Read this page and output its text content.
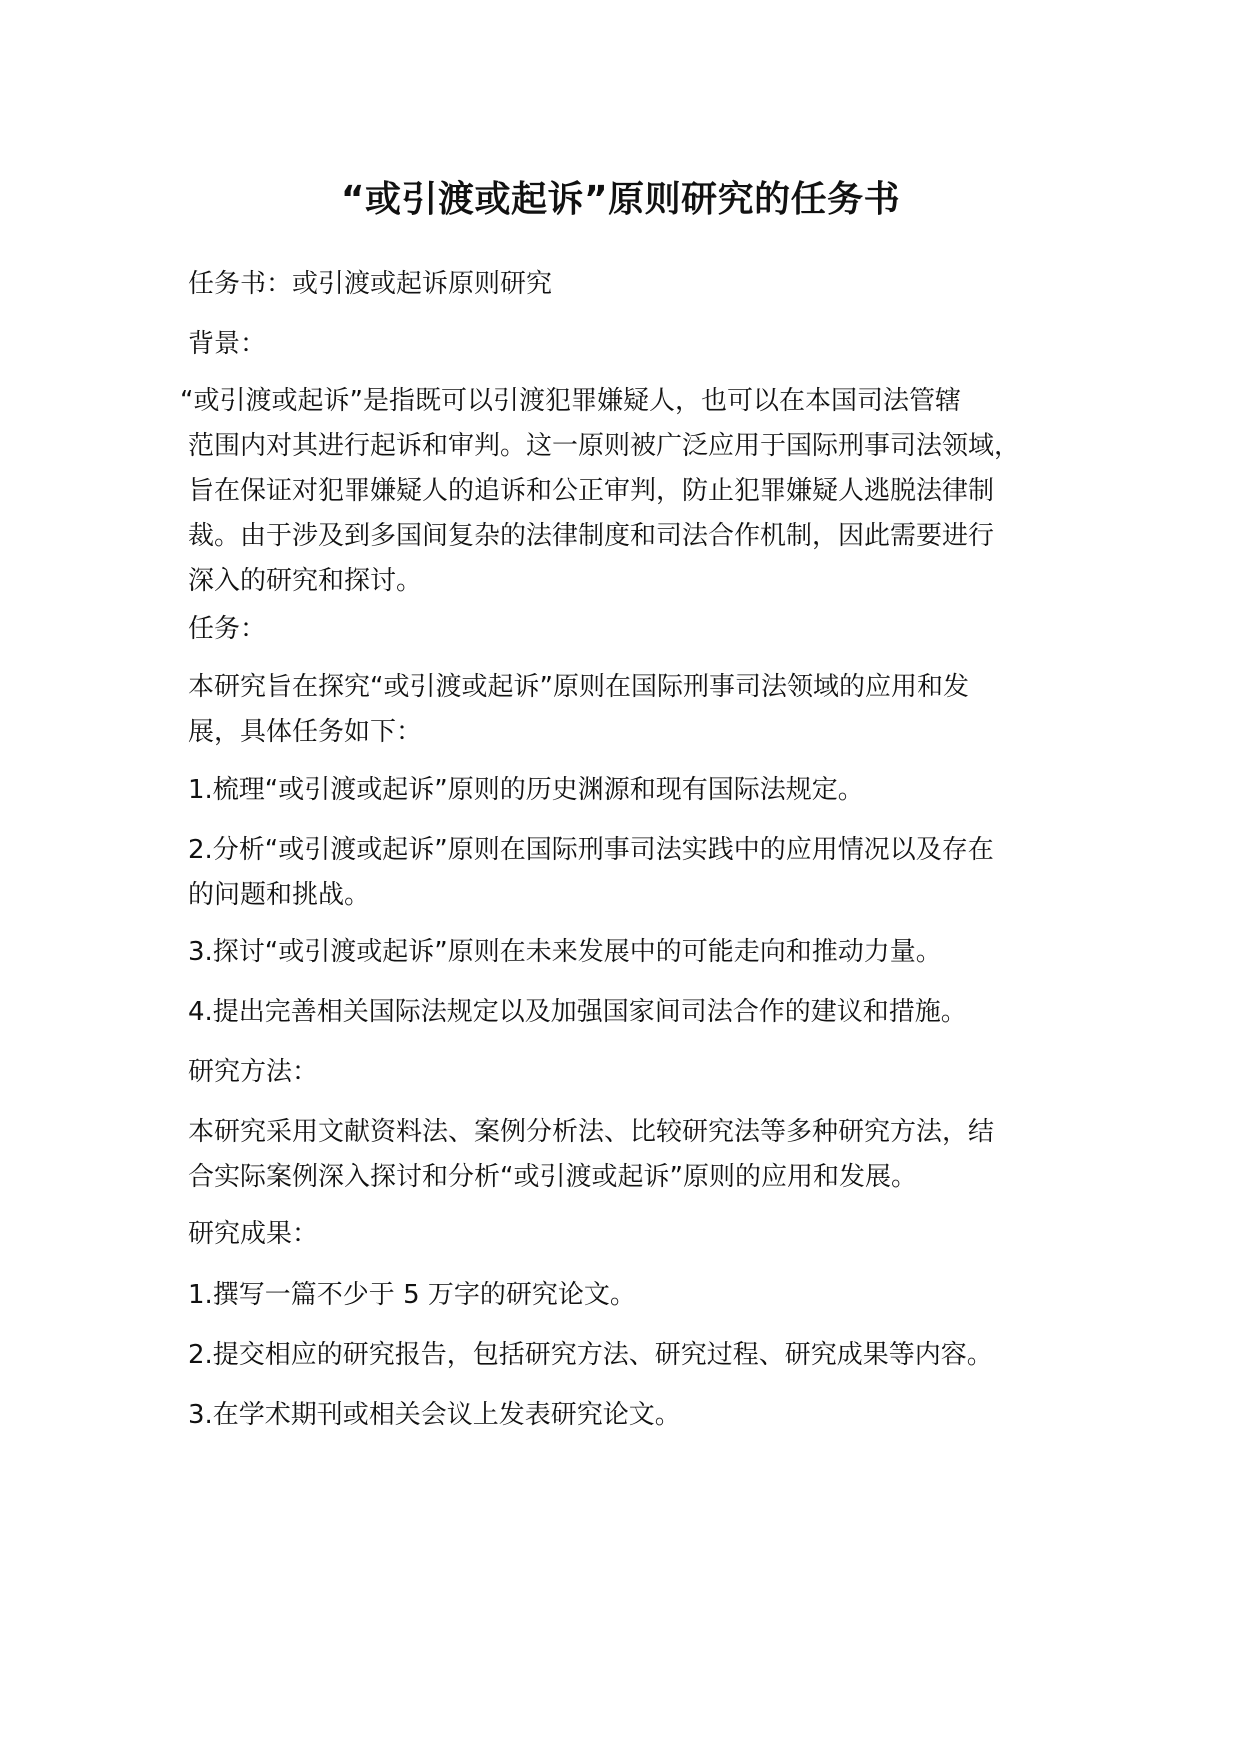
“或引渡或起诉”原则研究的任务书

任务书：或引渡或起诉原则研究

背景：

“或引渡或起诉”是指既可以引渡犯罪嫌疑人，也可以在本国司法管辖
范围内对其进行起诉和审判。这一原则被广泛应用于国际刑事司法领域，
旨在保证对犯罪嫌疑人的追诉和公正审判，防止犯罪嫌疑人逃脱法律制
裁。由于涉及到多国间复杂的法律制度和司法合作机制，因此需要进行
深入的研究和探讨。

任务：

本研究旨在探究“或引渡或起诉”原则在国际刑事司法领域的应用和发
展，具体任务如下：

1.梳理“或引渡或起诉”原则的历史渊源和现有国际法规定。

2.分析“或引渡或起诉”原则在国际刑事司法实践中的应用情况以及存在
的问题和挑战。

3.探讨“或引渡或起诉”原则在未来发展中的可能走向和推动力量。

4.提出完善相关国际法规定以及加强国家间司法合作的建议和措施。

研究方法：

本研究采用文献资料法、案例分析法、比较研究法等多种研究方法，结
合实际案例深入探讨和分析“或引渡或起诉”原则的应用和发展。

研究成果：

1.撰写一篇不少于 5 万字的研究论文。

2.提交相应的研究报告，包括研究方法、研究过程、研究成果等内容。

3.在学术期刊或相关会议上发表研究论文。
